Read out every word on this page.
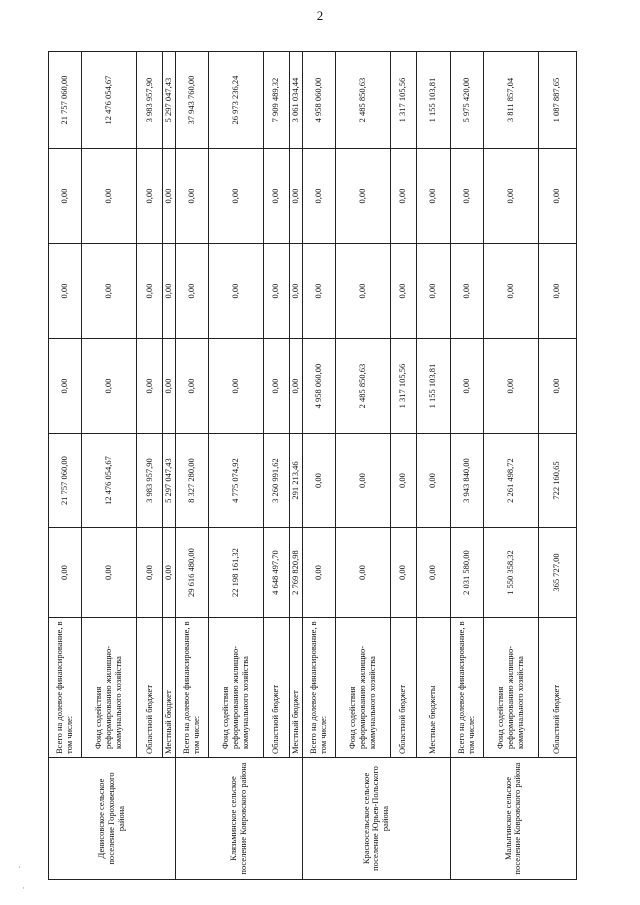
2
·
·
Денисовское сельское поселение Гороховецкого района	Всего на долевое финансирование, в том числе:	0,00	21 757 060,00	0,00	0,00	0,00	21 757 060,00
	Фонд содействия реформированию жилищно-коммунального хозяйства	0,00	12 476 054,67	0,00	0,00	0,00	12 476 054,67
	Областной бюджет	0,00	3 983 957,90	0,00	0,00	0,00	3 983 957,90
	Местный бюджет	0,00	5 297 047,43	0,00	0,00	0,00	5 297 047,43
Клязьминское сельское поселение Ковровского района	Всего на долевое финансирование, в том числе:	29 616 480,00	8 327 280,00	0,00	0,00	0,00	37 943 760,00
	Фонд содействия реформированию жилищно-коммунального хозяйства	22 198 161,32	4 775 074,92	0,00	0,00	0,00	26 973 236,24
	Областной бюджет	4 648 497,70	3 260 991,62	0,00	0,00	0,00	7 909 489,32
	Местный бюджет	2 769 820,98	291 213,46	0,00	0,00	0,00	3 061 034,44
Красносельское сельское поселение Юрьев-Польского района	Всего на долевое финансирование, в том числе:	0,00	0,00	4 958 060,00	0,00	0,00	4 958 060,00
	Фонд содействия реформированию жилищно-коммунального хозяйства	0,00	0,00	2 485 850,63	0,00	0,00	2 485 850,63
	Областной бюджет	0,00	0,00	1 317 105,56	0,00	0,00	1 317 105,56
	Местные бюджеты	0,00	0,00	1 155 103,81	0,00	0,00	1 155 103,81
Малыгинское сельское поселение Ковровского района	Всего на долевое финансирование, в том числе:	2 031 580,00	3 943 840,00	0,00	0,00	0,00	5 975 420,00
	Фонд содействия реформированию жилищно-коммунального хозяйства	1 550 358,32	2 261 498,72	0,00	0,00	0,00	3 811 857,04
	Областной бюджет	365 727,00	722 160,65	0,00	0,00	0,00	1 087 887,65
